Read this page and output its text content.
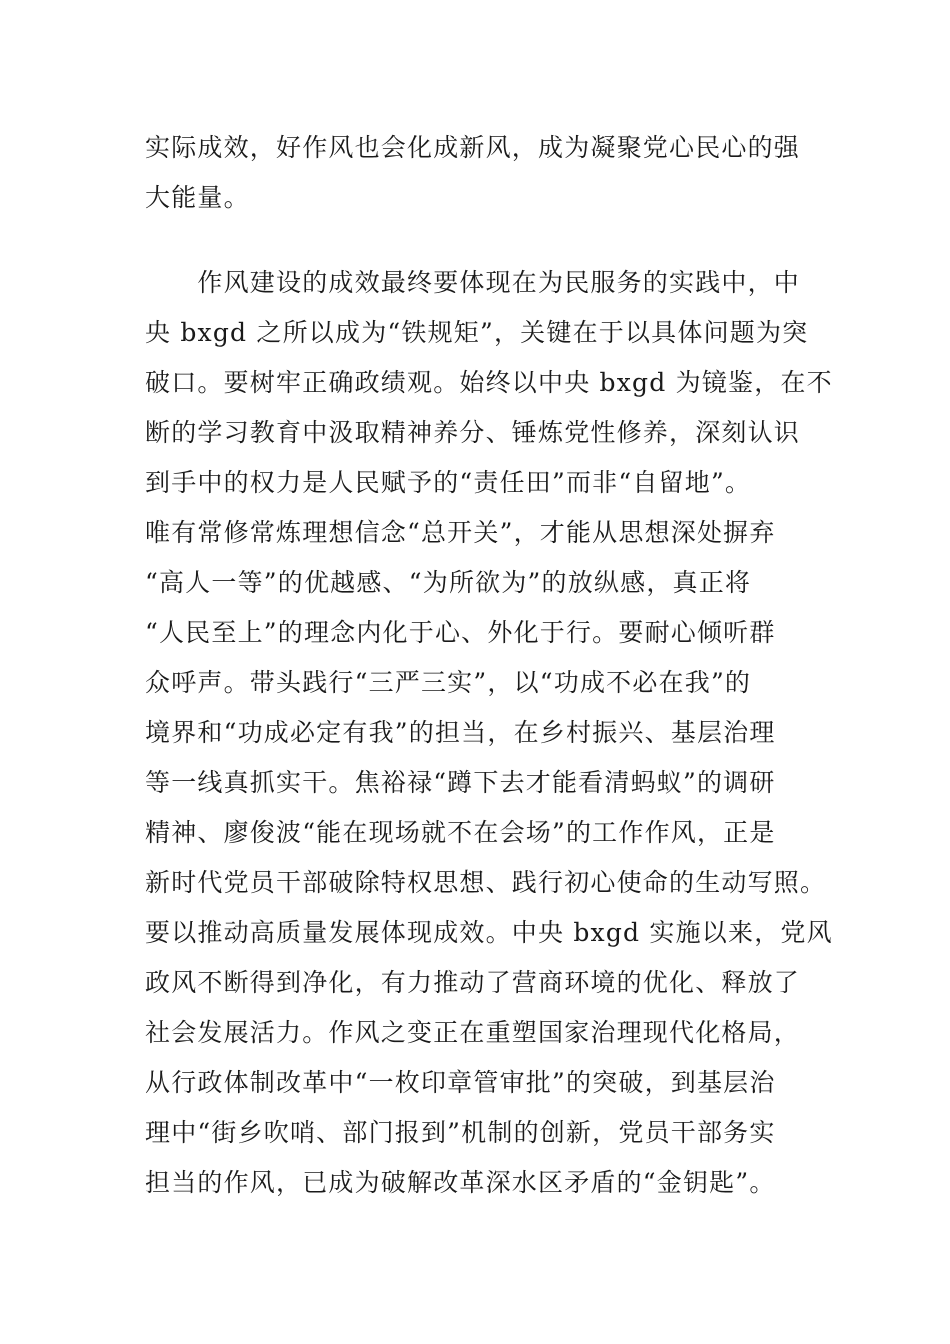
实际成效，好作风也会化成新风，成为凝聚党心民心的强
大能量。
　　作风建设的成效最终要体现在为民服务的实践中，中
央 bxgd 之所以成为“铁规矩”，关键在于以具体问题为突
破口。要树牢正确政绩观。始终以中央 bxgd 为镜鉴，在不
断的学习教育中汲取精神养分、锤炼党性修养，深刻认识
到手中的权力是人民赋予的“责任田”而非“自留地”。
唯有常修常炼理想信念“总开关”，才能从思想深处摒弃
“高人一等”的优越感、“为所欲为”的放纵感，真正将
“人民至上”的理念内化于心、外化于行。要耐心倾听群
众呼声。带头践行“三严三实”，以“功成不必在我”的
境界和“功成必定有我”的担当，在乡村振兴、基层治理
等一线真抓实干。焦裕禄“蹲下去才能看清蚂蚁”的调研
精神、廖俊波“能在现场就不在会场”的工作作风，正是
新时代党员干部破除特权思想、践行初心使命的生动写照。
要以推动高质量发展体现成效。中央 bxgd 实施以来，党风
政风不断得到净化，有力推动了营商环境的优化、释放了
社会发展活力。作风之变正在重塑国家治理现代化格局，
从行政体制改革中“一枚印章管审批”的突破，到基层治
理中“街乡吹哨、部门报到”机制的创新，党员干部务实
担当的作风，已成为破解改革深水区矛盾的“金钥匙”。
